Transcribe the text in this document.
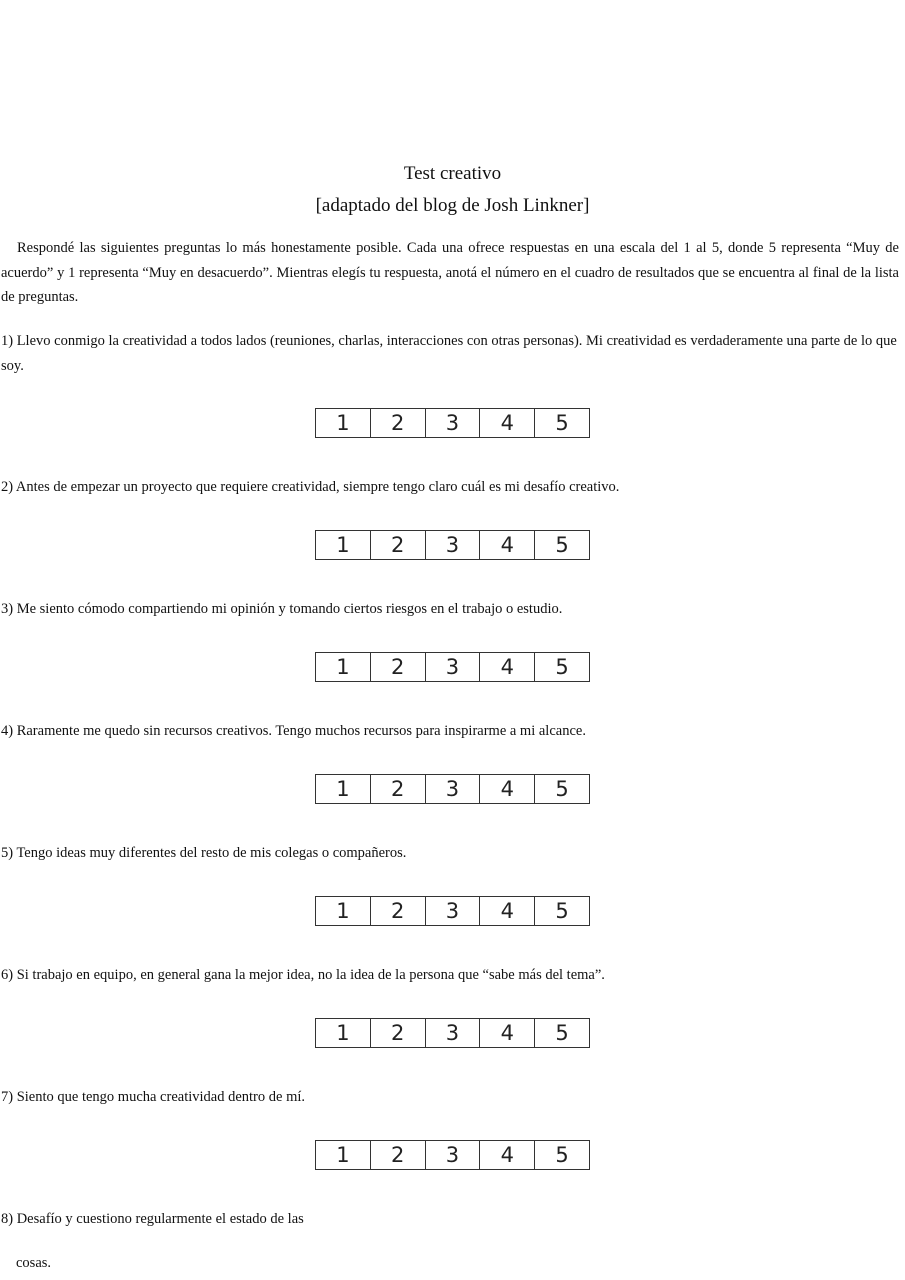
Test creativo
[adaptado del blog de Josh Linkner]
Respondé las siguientes preguntas lo más honestamente posible. Cada una ofrece respuestas en una escala del 1 al 5, donde 5 representa “Muy de acuerdo” y 1 representa “Muy en desacuerdo”. Mientras elegís tu respuesta, anotá el número en el cuadro de resultados que se encuentra al final de la lista de preguntas.
1) Llevo conmigo la creatividad a todos lados (reuniones, charlas, interacciones con otras personas). Mi creatividad es verdaderamente una parte de lo que soy.
1	2	3	4	5
2) Antes de empezar un proyecto que requiere creatividad, siempre tengo claro cuál es mi desafío creativo.
1	2	3	4	5
3) Me siento cómodo compartiendo mi opinión y tomando ciertos riesgos en el trabajo o estudio.
1	2	3	4	5
4) Raramente me quedo sin recursos creativos. Tengo muchos recursos para inspirarme a mi alcance.
1	2	3	4	5
5) Tengo ideas muy diferentes del resto de mis colegas o compañeros.
1	2	3	4	5
6) Si trabajo en equipo, en general gana la mejor idea, no la idea de la persona que “sabe más del tema”.
1	2	3	4	5
7) Siento que tengo mucha creatividad dentro de mí.
1	2	3	4	5
8) Desafío y cuestiono regularmente el estado de las
cosas.
